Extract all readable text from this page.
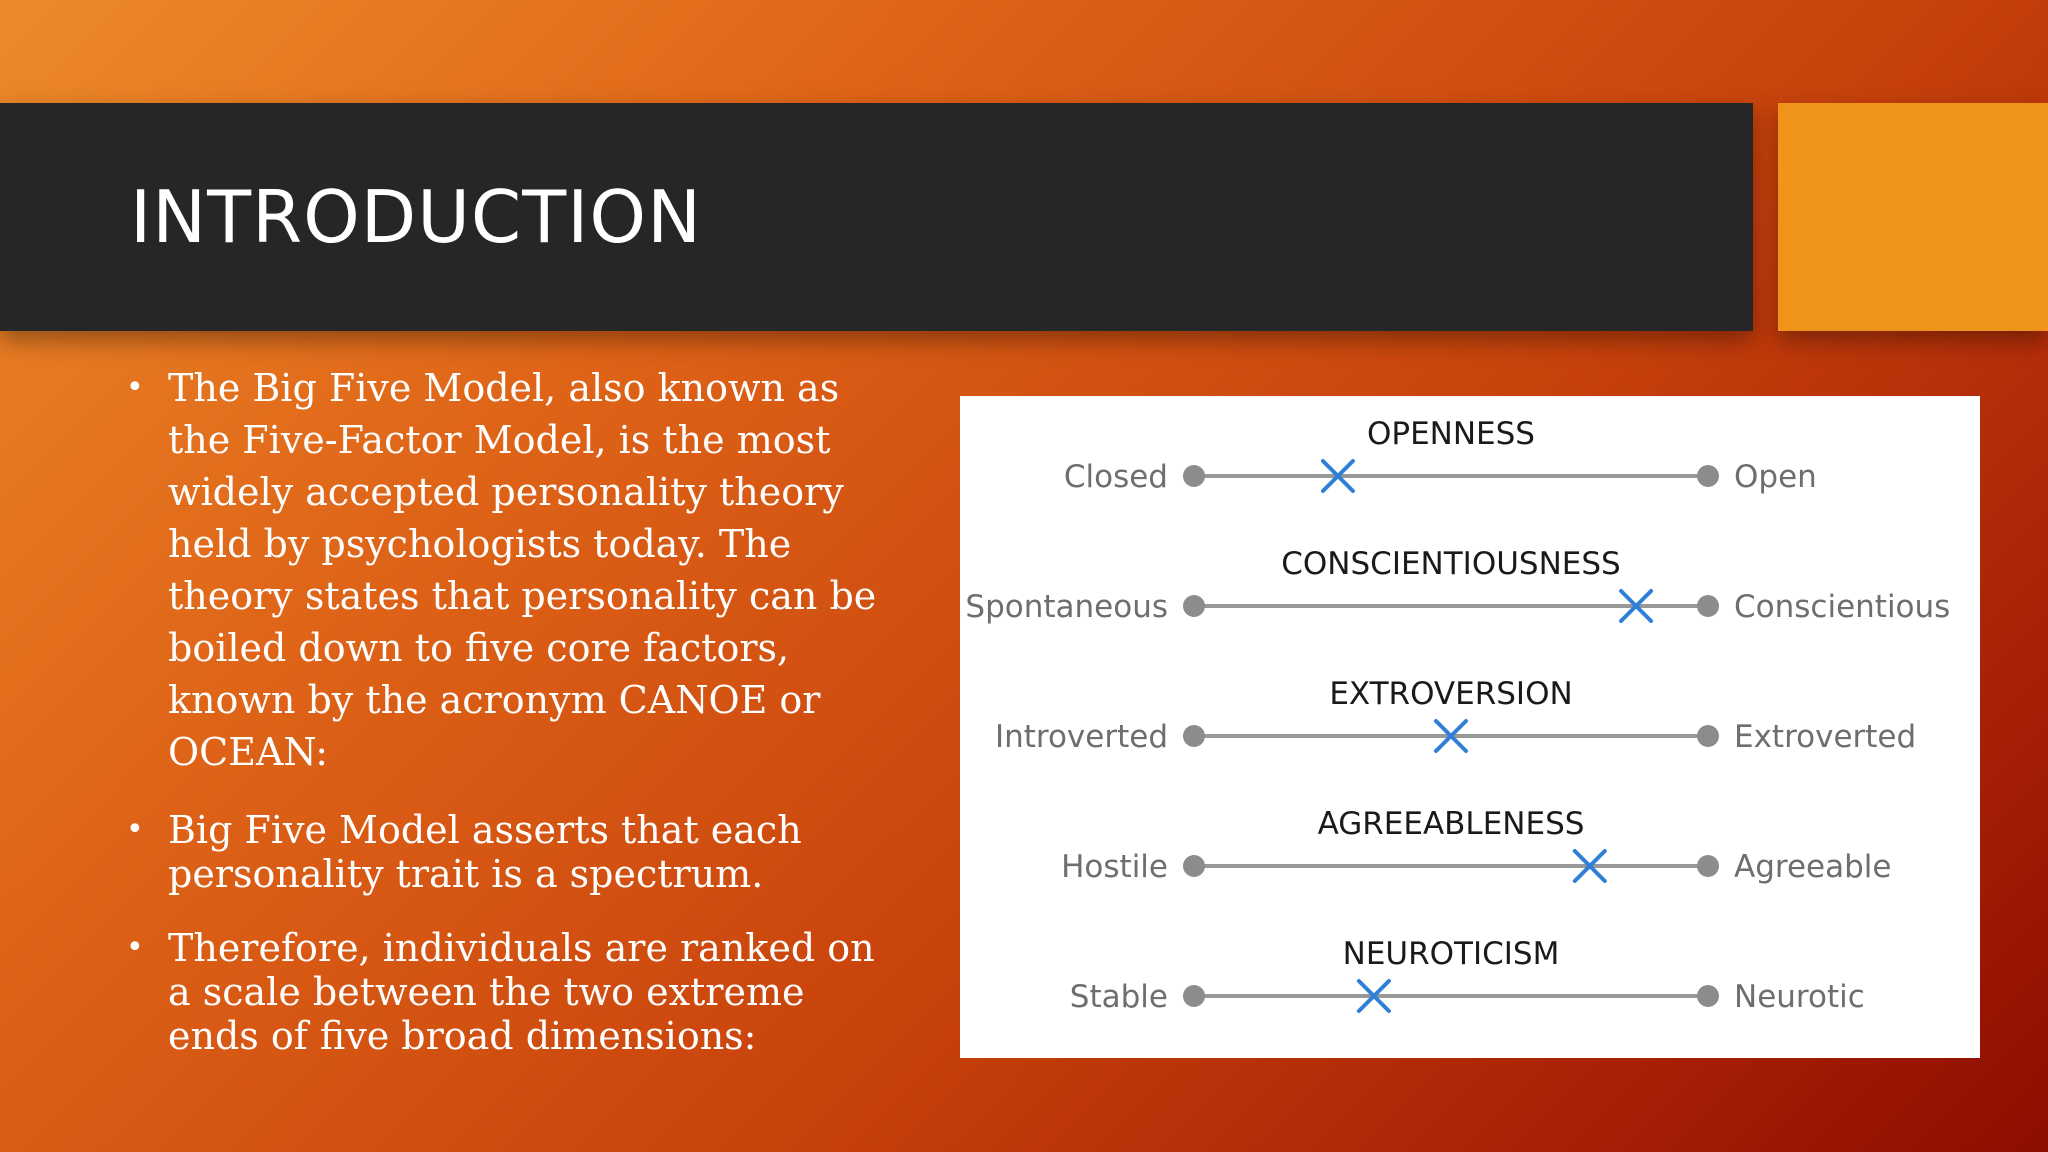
INTRODUCTION
• The Big Five Model, also known as the Five-Factor Model, is the most widely accepted personality theory held by psychologists today. The theory states that personality can be boiled down to five core factors, known by the acronym CANOE or OCEAN:
• Big Five Model asserts that each personality trait is a spectrum.
• Therefore, individuals are ranked on a scale between the two extreme ends of five broad dimensions:
OPENNESS
Closed	Open
CONSCIENTIOUSNESS
Spontaneous	Conscientious
EXTROVERSION
Introverted	Extroverted
AGREEABLENESS
Hostile	Agreeable
NEUROTICISM
Stable	Neurotic
